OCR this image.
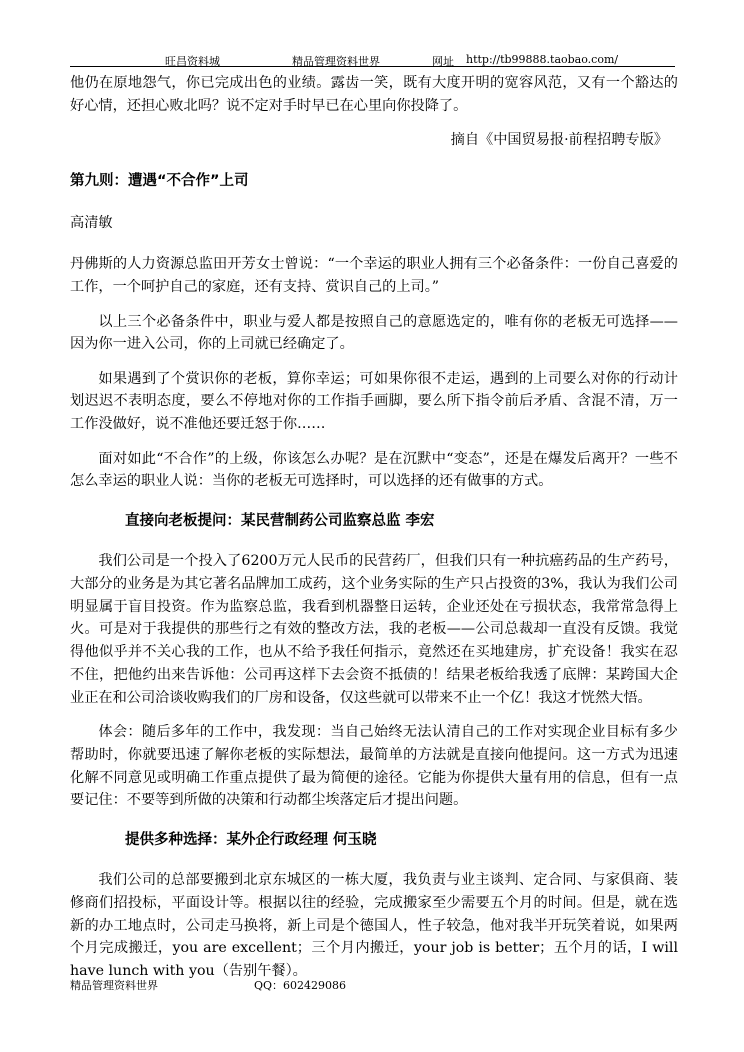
旺昌资料城	精品管理资料世界	网址 http://tb99888.taobao.com/

他仍在原地怨气，你已完成出色的业绩。露齿一笑，既有大度开明的宽容风范，又有一个豁达的好心情，还担心败北吗？说不定对手时早已在心里向你投降了。

摘自《中国贸易报·前程招聘专版》

第九则：遭遇“不合作”上司

高清敏

丹佛斯的人力资源总监田开芳女士曾说：“一个幸运的职业人拥有三个必备条件：一份自己喜爱的工作，一个呵护自己的家庭，还有支持、赏识自己的上司。”

以上三个必备条件中，职业与爱人都是按照自己的意愿选定的，唯有你的老板无可选择——因为你一进入公司，你的上司就已经确定了。

如果遇到了个赏识你的老板，算你幸运；可如果你很不走运，遇到的上司要么对你的行动计划迟迟不表明态度，要么不停地对你的工作指手画脚，要么所下指令前后矛盾、含混不清，万一工作没做好，说不准他还要迁怒于你……

面对如此“不合作”的上级，你该怎么办呢？是在沉默中“变态”，还是在爆发后离开？一些不怎么幸运的职业人说：当你的老板无可选择时，可以选择的还有做事的方式。

直接向老板提问：某民营制药公司监察总监 李宏

我们公司是一个投入了6200万元人民币的民营药厂，但我们只有一种抗癌药品的生产药号，大部分的业务是为其它著名品牌加工成药，这个业务实际的生产只占投资的3%，我认为我们公司明显属于盲目投资。作为监察总监，我看到机器整日运转，企业还处在亏损状态，我常常急得上火。可是对于我提供的那些行之有效的整改方法，我的老板——公司总裁却一直没有反馈。我觉得他似乎并不关心我的工作，也从不给予我任何指示，竟然还在买地建房，扩充设备！我实在忍不住，把他约出来告诉他：公司再这样下去会资不抵债的！结果老板给我透了底牌：某跨国大企业正在和公司洽谈收购我们的厂房和设备，仅这些就可以带来不止一个亿！我这才恍然大悟。

体会：随后多年的工作中，我发现：当自己始终无法认清自己的工作对实现企业目标有多少帮助时，你就要迅速了解你老板的实际想法，最简单的方法就是直接向他提问。这一方式为迅速化解不同意见或明确工作重点提供了最为简便的途径。它能为你提供大量有用的信息，但有一点要记住：不要等到所做的决策和行动都尘埃落定后才提出问题。

提供多种选择：某外企行政经理 何玉晓

我们公司的总部要搬到北京东城区的一栋大厦，我负责与业主谈判、定合同、与家俱商、装修商们招投标，平面设计等。根据以往的经验，完成搬家至少需要五个月的时间。但是，就在选新的办工地点时，公司走马换将，新上司是个德国人，性子较急，他对我半开玩笑着说，如果两个月完成搬迁，you are excellent；三个月内搬迁，your job is better；五个月的话，I will have lunch with you（告别午餐）。

精品管理资料世界	QQ：602429086
